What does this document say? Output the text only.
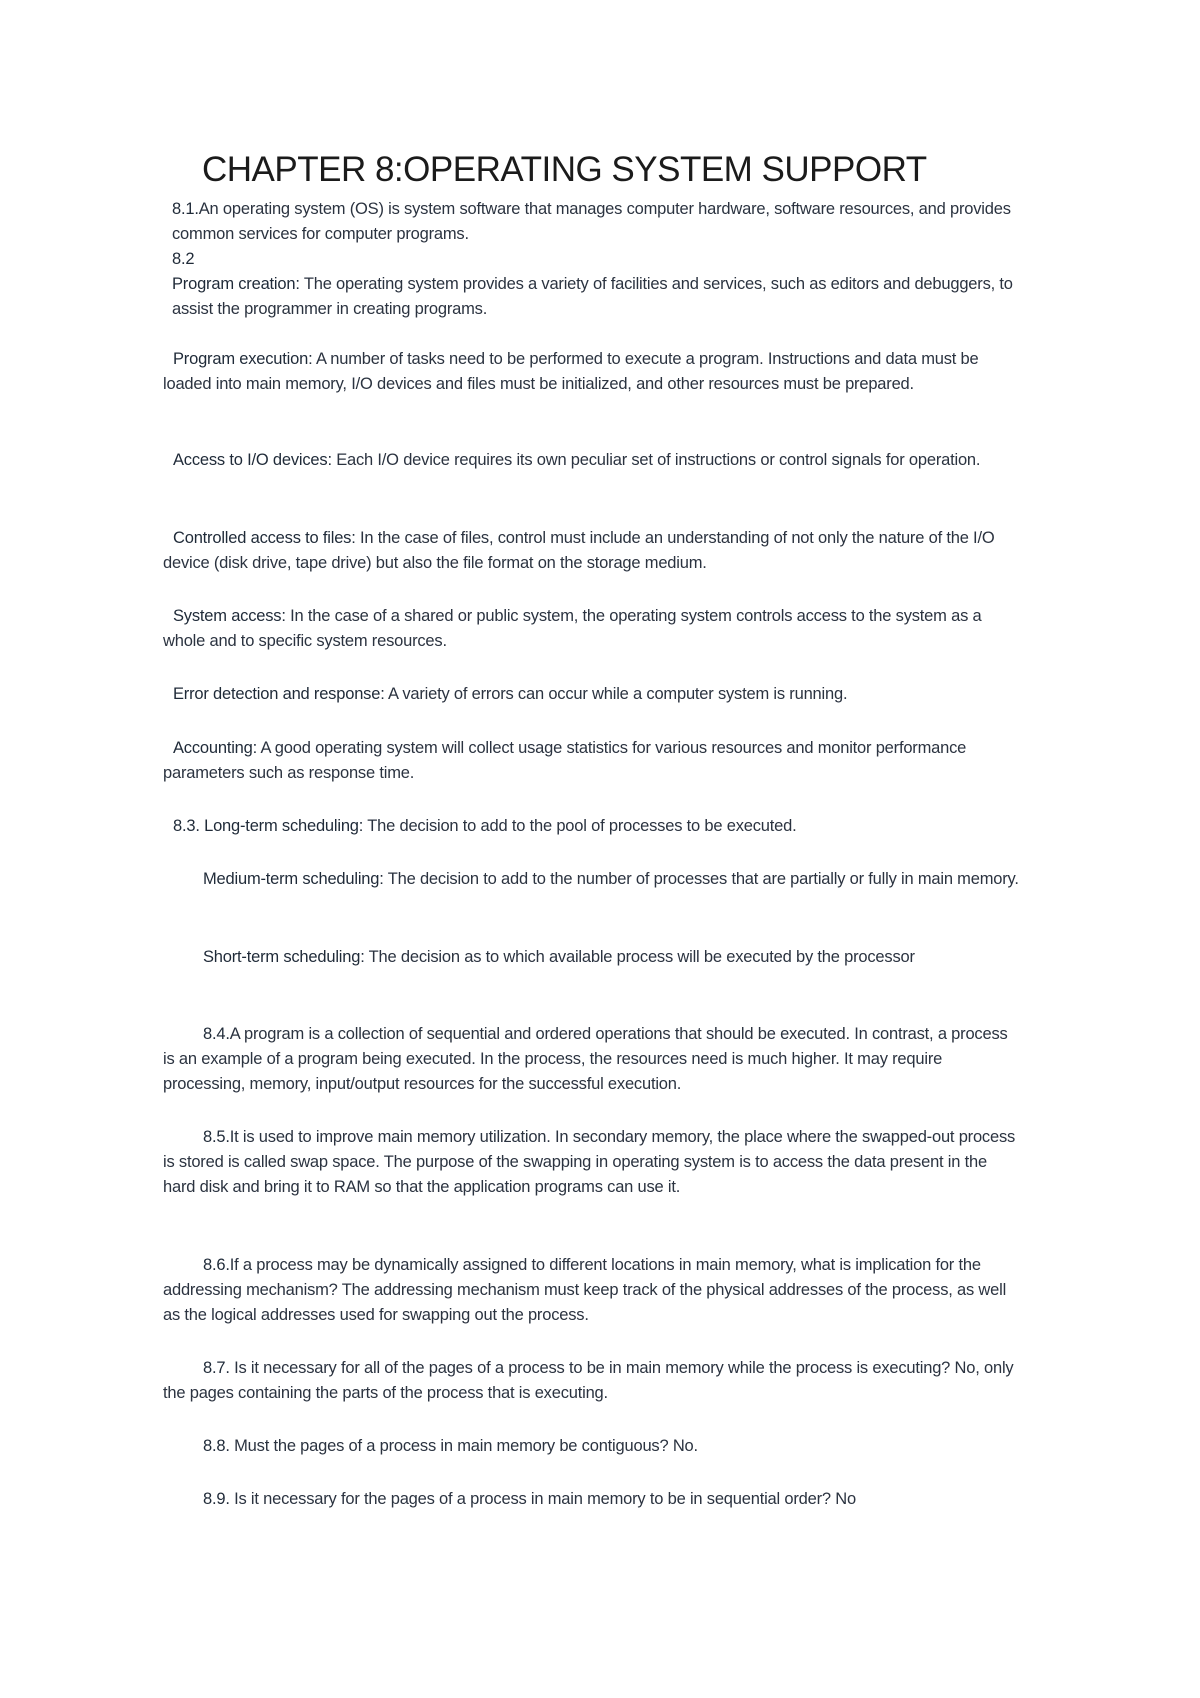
CHAPTER 8:OPERATING SYSTEM SUPPORT

8.1.An operating system (OS) is system software that manages computer hardware, software resources, and provides common services for computer programs.

8.2

Program creation: The operating system provides a variety of facilities and services, such as editors and debuggers, to assist the programmer in creating programs.

Program execution: A number of tasks need to be performed to execute a program. Instructions and data must be loaded into main memory, I/O devices and files must be initialized, and other resources must be prepared.

Access to I/O devices: Each I/O device requires its own peculiar set of instructions or control signals for operation.

Controlled access to files: In the case of files, control must include an understanding of not only the nature of the I/O device (disk drive, tape drive) but also the file format on the storage medium.

System access: In the case of a shared or public system, the operating system controls access to the system as a whole and to specific system resources.

Error detection and response: A variety of errors can occur while a computer system is running.

Accounting: A good operating system will collect usage statistics for various resources and monitor performance parameters such as response time.

8.3. Long-term scheduling: The decision to add to the pool of processes to be executed.

Medium-term scheduling: The decision to add to the number of processes that are partially or fully in main memory.

Short-term scheduling: The decision as to which available process will be executed by the processor

8.4.A program is a collection of sequential and ordered operations that should be executed. In contrast, a process is an example of a program being executed. In the process, the resources need is much higher. It may require processing, memory, input/output resources for the successful execution.

8.5.It is used to improve main memory utilization. In secondary memory, the place where the swapped-out process is stored is called swap space. The purpose of the swapping in operating system is to access the data present in the hard disk and bring it to RAM so that the application programs can use it.

8.6.If a process may be dynamically assigned to different locations in main memory, what is implication for the addressing mechanism? The addressing mechanism must keep track of the physical addresses of the process, as well as the logical addresses used for swapping out the process.

8.7. Is it necessary for all of the pages of a process to be in main memory while the process is executing? No, only the pages containing the parts of the process that is executing.

8.8. Must the pages of a process in main memory be contiguous? No.

8.9. Is it necessary for the pages of a process in main memory to be in sequential order? No
